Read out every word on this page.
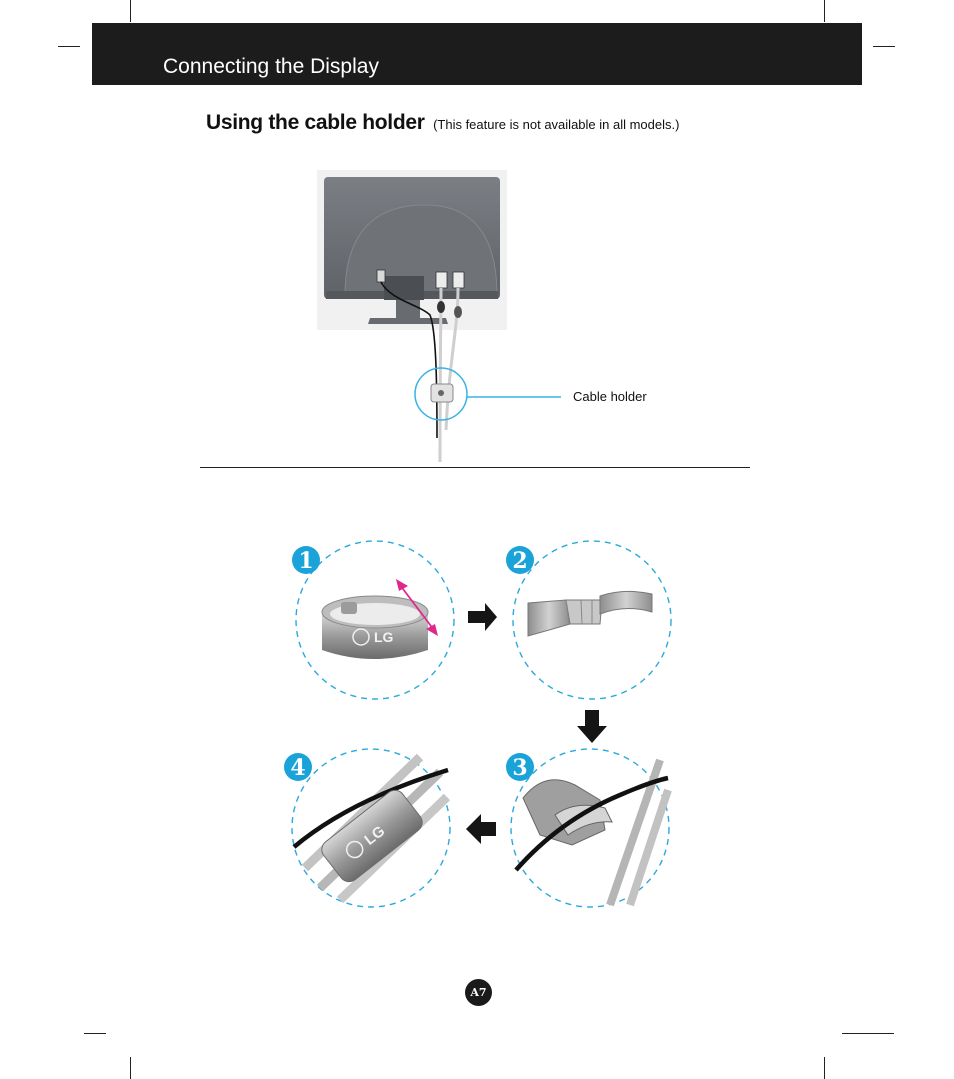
Connecting the Display
Using the cable holder (This feature is not available in all models.)
LG
1	2
3
LG
4
Cable holder
A7
